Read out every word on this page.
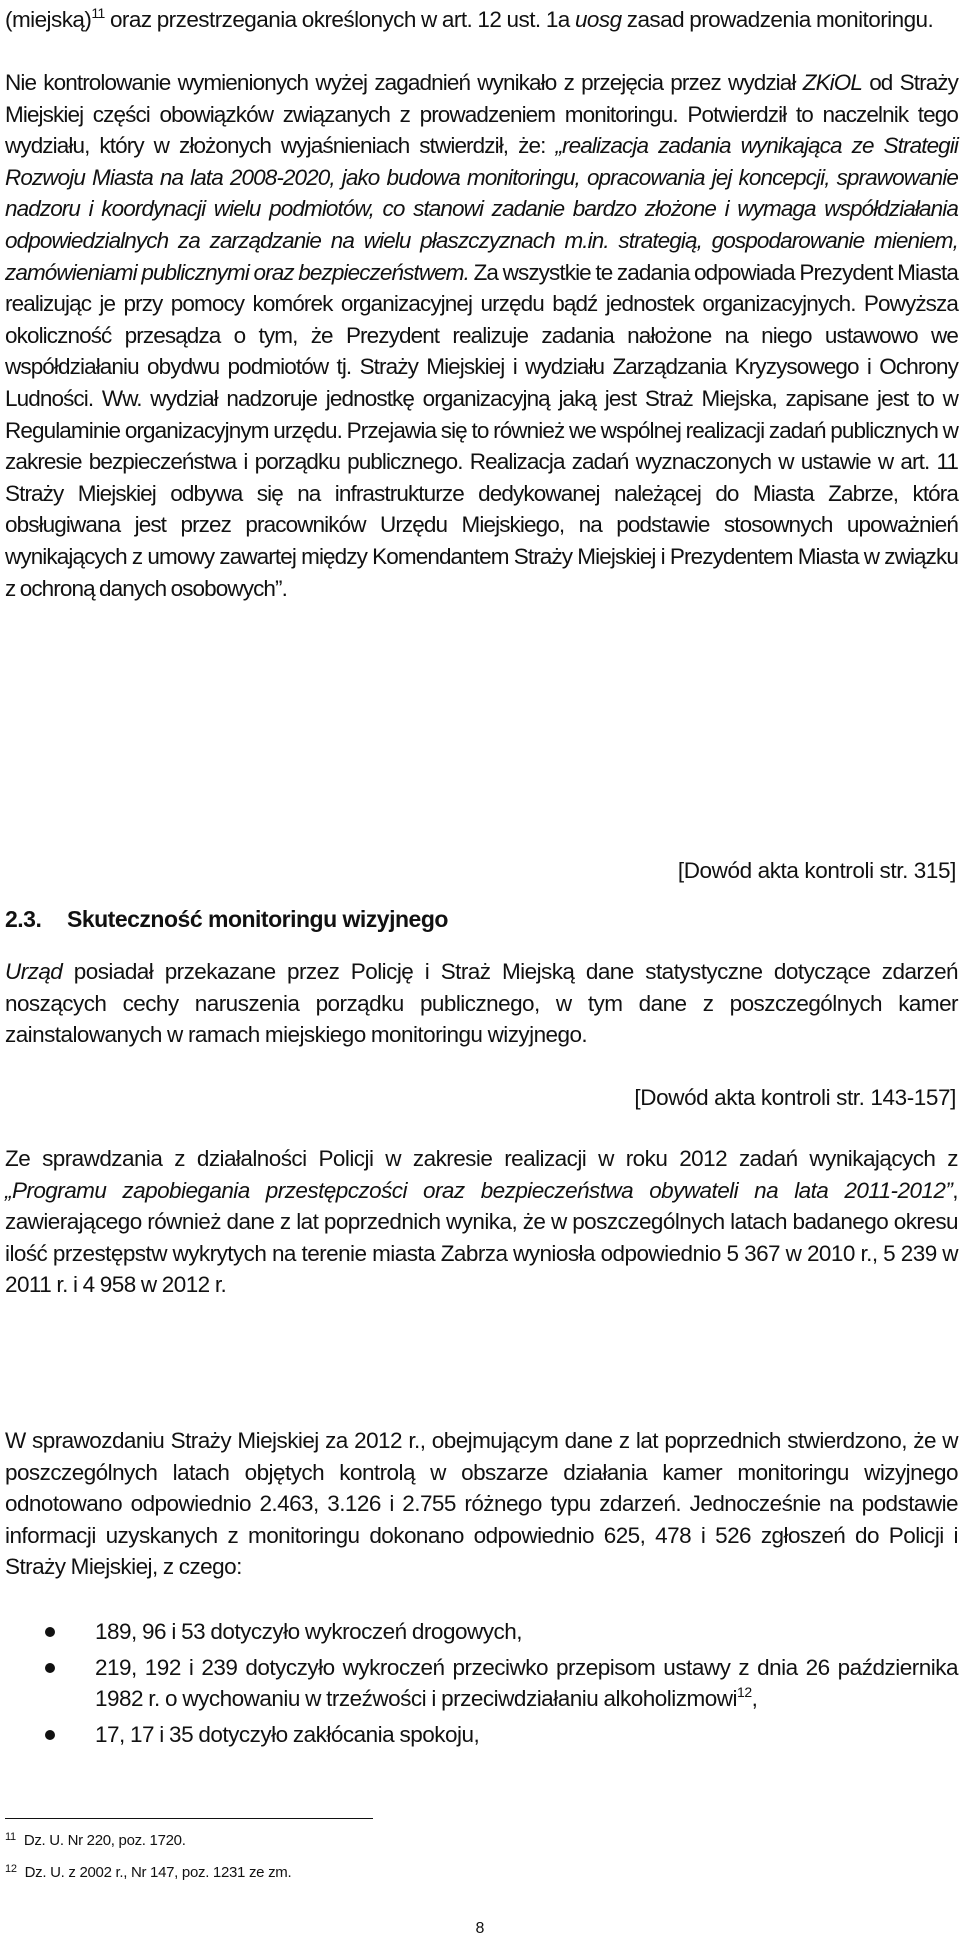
(miejską)$^{11}$ oraz przestrzegania określonych w art. 12 ust. 1a uosg zasad prowadzenia monitoringu.

Nie kontrolowanie wymienionych wyżej zagadnień wynikało z przejęcia przez wydział ZKiOL od Straży Miejskiej części obowiązków związanych z prowadzeniem monitoringu. Potwierdził to naczelnik tego wydziału, który w złożonych wyjaśnieniach stwierdził, że: „realizacja zadania wynikająca ze Strategii Rozwoju Miasta na lata 2008-2020, jako budowa monitoringu, opracowania jej koncepcji, sprawowanie nadzoru i koordynacji wielu podmiotów, co stanowi zadanie bardzo złożone i wymaga współdziałania odpowiedzialnych za zarządzanie na wielu płaszczyznach m.in. strategią, gospodarowanie mieniem, zamówieniami publicznymi oraz bezpieczeństwem. Za wszystkie te zadania odpowiada Prezydent Miasta realizując je przy pomocy komórek organizacyjnej urzędu bądź jednostek organizacyjnych. Powyższa okoliczność przesądza o tym, że Prezydent realizuje zadania nałożone na niego ustawowo we współdziałaniu obydwu podmiotów tj. Straży Miejskiej i wydziału Zarządzania Kryzysowego i Ochrony Ludności. Ww. wydział nadzoruje jednostkę organizacyjną jaką jest Straż Miejska, zapisane jest to w Regulaminie organizacyjnym urzędu. Przejawia się to również we wspólnej realizacji zadań publicznych w zakresie bezpieczeństwa i porządku publicznego. Realizacja zadań wyznaczonych w ustawie w art. 11 Straży Miejskiej odbywa się na infrastrukturze dedykowanej należącej do Miasta Zabrze, która obsługiwana jest przez pracowników Urzędu Miejskiego, na podstawie stosownych upoważnień wynikających z umowy zawartej między Komendantem Straży Miejskiej i Prezydentem Miasta w związku z ochroną danych osobowych”.

[Dowód akta kontroli str. 315]

2.3. Skuteczność monitoringu wizyjnego

Urząd posiadał przekazane przez Policję i Straż Miejską dane statystyczne dotyczące zdarzeń noszących cechy naruszenia porządku publicznego, w tym dane z poszczególnych kamer zainstalowanych w ramach miejskiego monitoringu wizyjnego.

[Dowód akta kontroli str. 143-157]

Ze sprawdzania z działalności Policji w zakresie realizacji w roku 2012 zadań wynikających z „Programu zapobiegania przestępczości oraz bezpieczeństwa obywateli na lata 2011-2012”, zawierającego również dane z lat poprzednich wynika, że w poszczególnych latach badanego okresu ilość przestępstw wykrytych na terenie miasta Zabrza wyniosła odpowiednio 5 367 w 2010 r., 5 239 w 2011 r. i 4 958 w 2012 r.

W sprawozdaniu Straży Miejskiej za 2012 r., obejmującym dane z lat poprzednich stwierdzono, że w poszczególnych latach objętych kontrolą w obszarze działania kamer monitoringu wizyjnego odnotowano odpowiednio 2.463, 3.126 i 2.755 różnego typu zdarzeń. Jednocześnie na podstawie informacji uzyskanych z monitoringu dokonano odpowiednio 625, 478 i 526 zgłoszeń do Policji i Straży Miejskiej, z czego:

189, 96 i 53 dotyczyło wykroczeń drogowych,
219, 192 i 239 dotyczyło wykroczeń przeciwko przepisom ustawy z dnia 26 października 1982 r. o wychowaniu w trzeźwości i przeciwdziałaniu alkoholizmowi$^{12}$,
17, 17 i 35 dotyczyło zakłócania spokoju,

$^{11}$ Dz. U. Nr 220, poz. 1720.

$^{12}$ Dz. U. z 2002 r., Nr 147, poz. 1231 ze zm.

8
